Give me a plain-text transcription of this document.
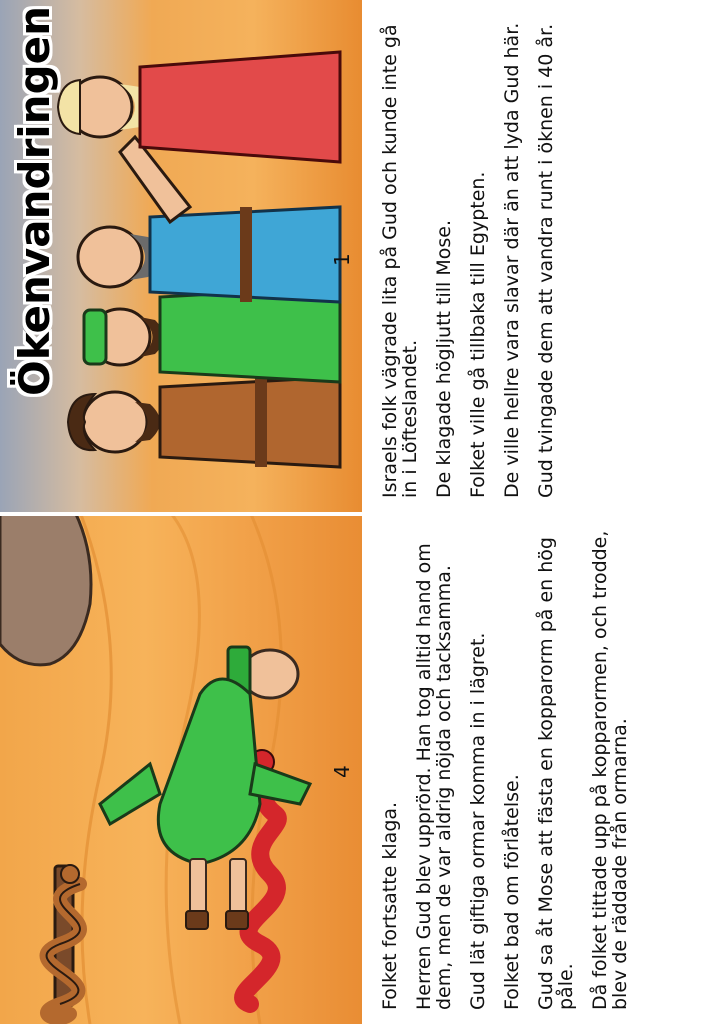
Folket fortsatte klaga. Herren Gud blev upprörd. Han tog alltid hand om dem, men de var aldrig nöjda och tacksamma. Gud lät giftiga ormar komma in i lägret. Folket bad om förlåtelse. Gud sa åt Mose att fästa en kopparorm på en hög påle. Då folket tittade upp på kopparormen, och trodde, blev de räddade från ormarna.

4
Ökenvandringen	Israels folk vägrade lita på Gud och kunde inte gå in i Löfteslandet. De klagade högljutt till Mose. Folket ville gå tillbaka till Egypten. De ville hellre vara slavar där än att lyda Gud här. Gud tvingade dem att vandra runt i öknen i 40 år.

1
